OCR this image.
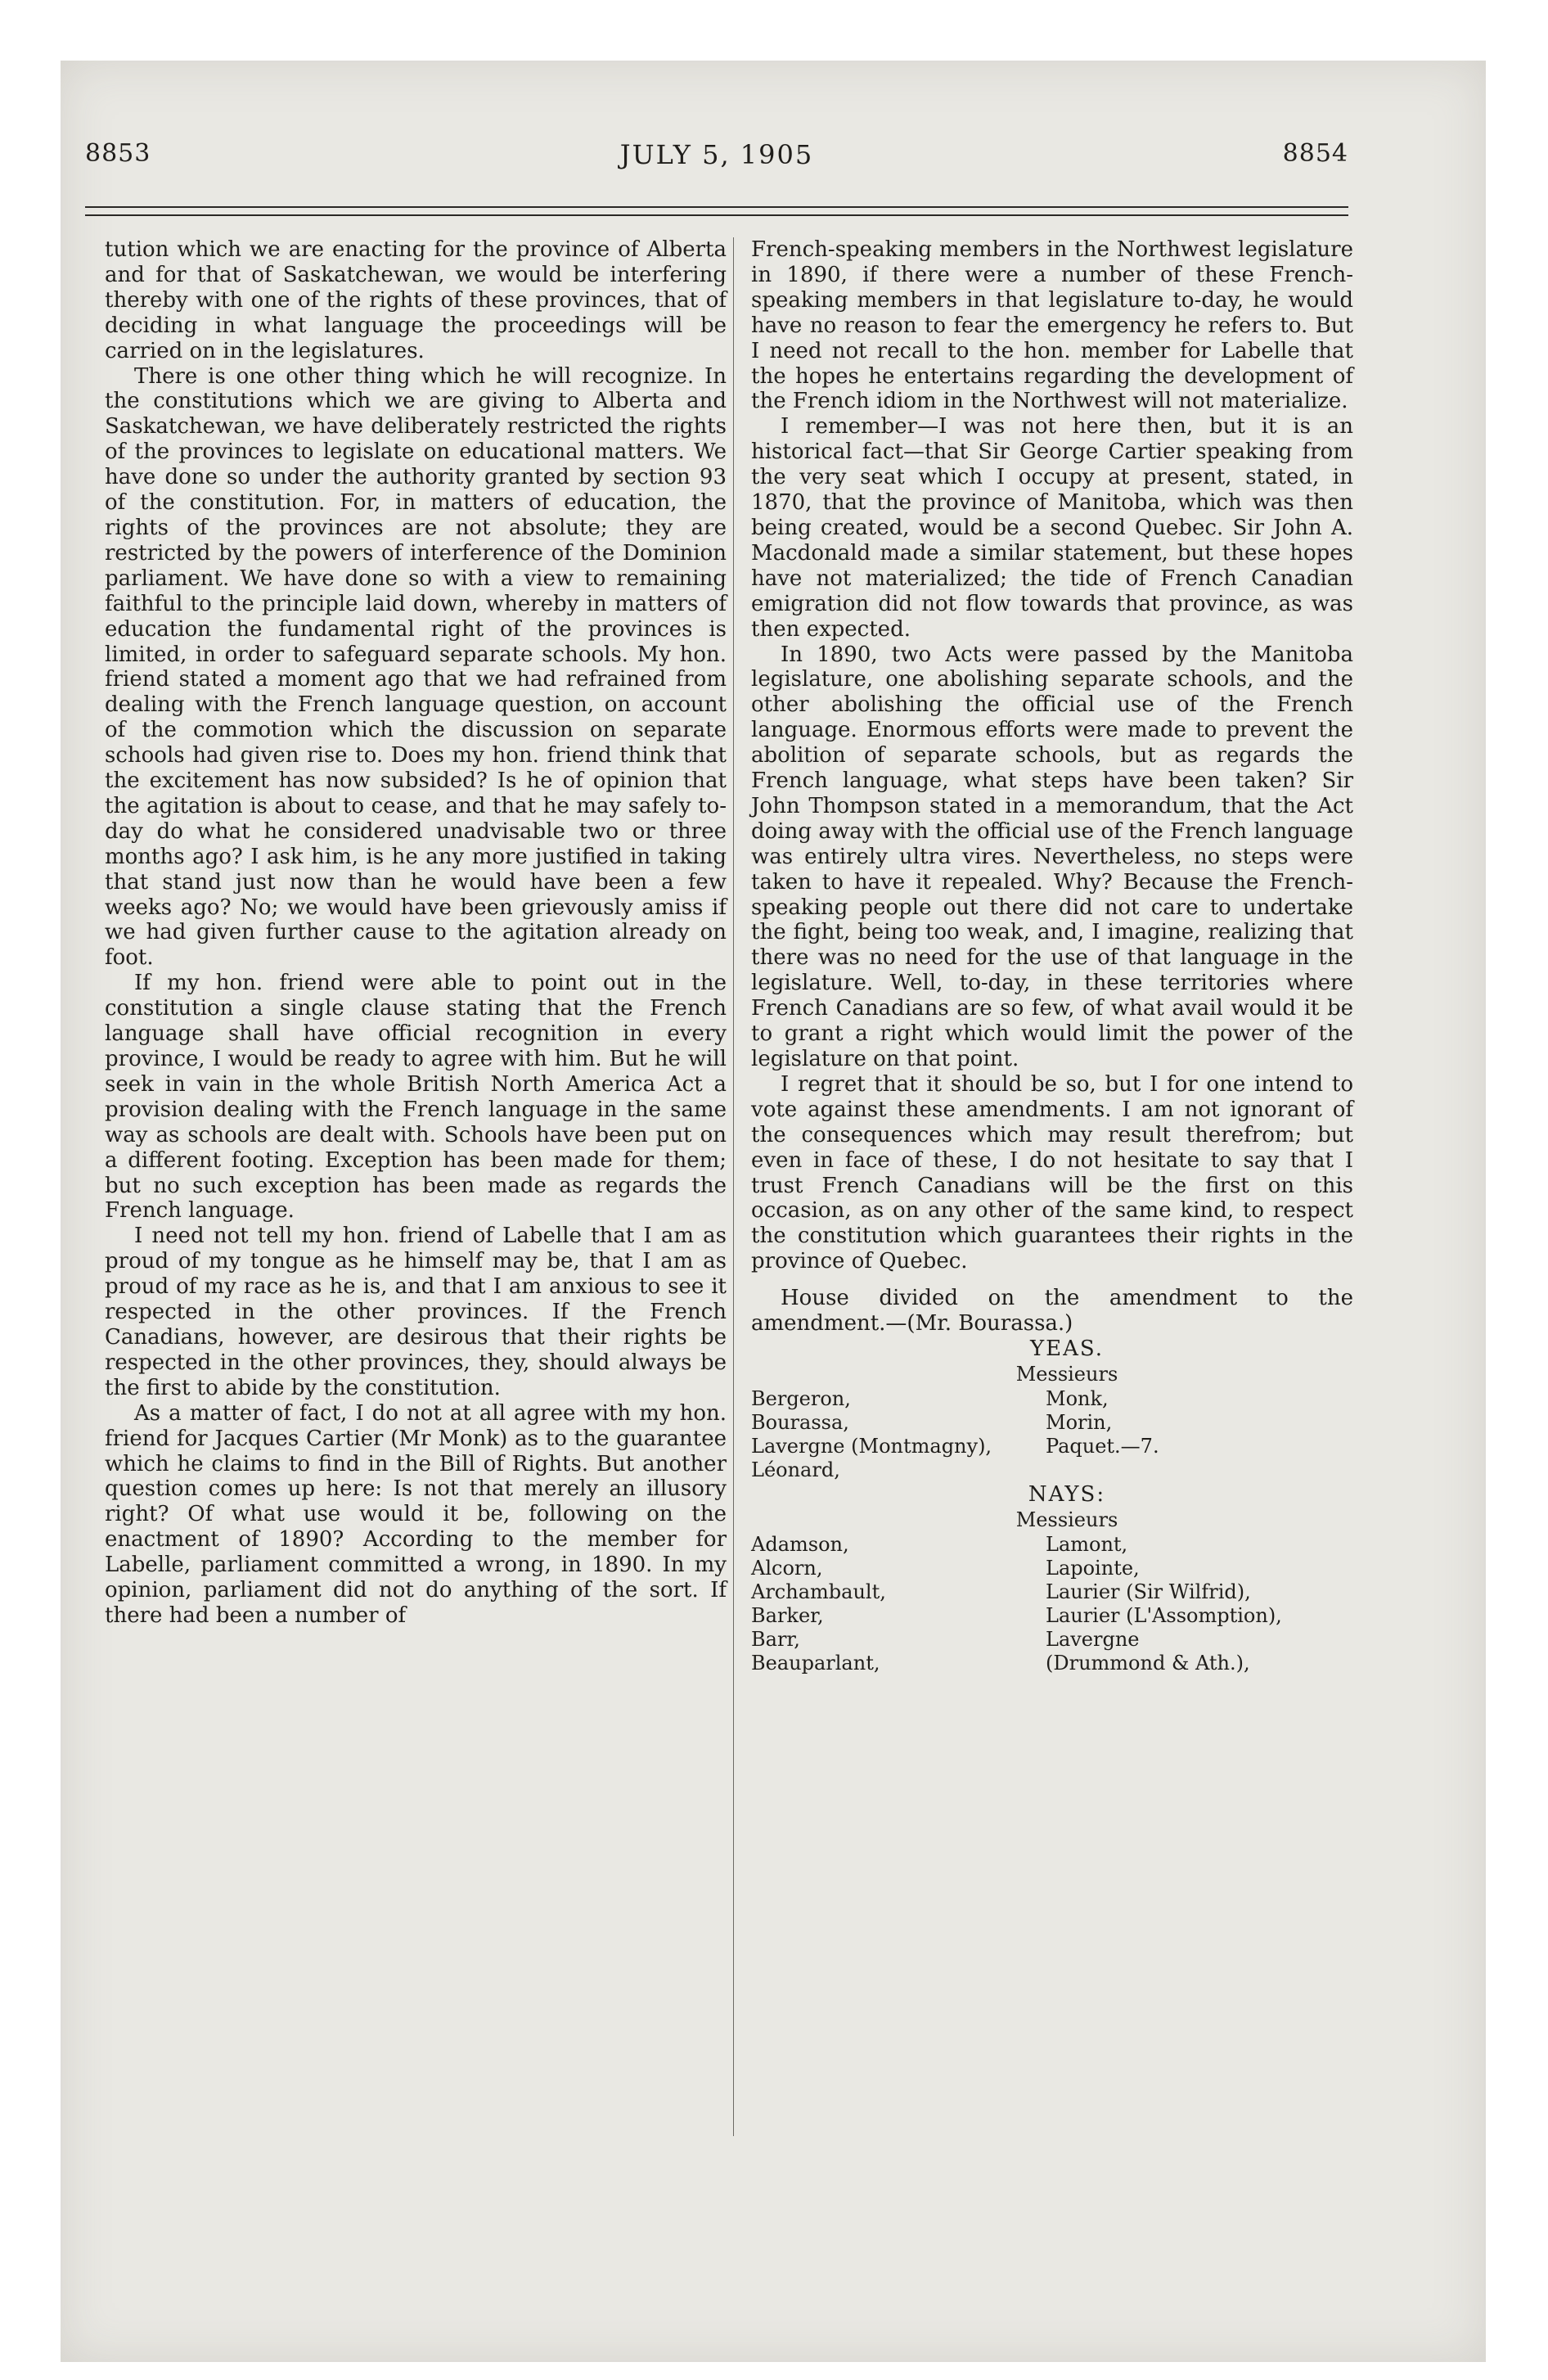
8853	JULY 5, 1905	8854

tution which we are enacting for the province of Alberta and for that of Saskatchewan, we would be interfering thereby with one of the rights of these provinces, that of deciding in what language the proceedings will be carried on in the legislatures.

There is one other thing which he will recognize. In the constitutions which we are giving to Alberta and Saskatchewan, we have deliberately restricted the rights of the provinces to legislate on educational matters. We have done so under the authority granted by section 93 of the constitution. For, in matters of education, the rights of the provinces are not absolute; they are restricted by the powers of interference of the Dominion parliament. We have done so with a view to remaining faithful to the principle laid down, whereby in matters of education the fundamental right of the provinces is limited, in order to safeguard separate schools. My hon. friend stated a moment ago that we had refrained from dealing with the French language question, on account of the commotion which the discussion on separate schools had given rise to. Does my hon. friend think that the excitement has now subsided? Is he of opinion that the agitation is about to cease, and that he may safely to-day do what he considered unadvisable two or three months ago? I ask him, is he any more justified in taking that stand just now than he would have been a few weeks ago? No; we would have been grievously amiss if we had given further cause to the agitation already on foot.

If my hon. friend were able to point out in the constitution a single clause stating that the French language shall have official recognition in every province, I would be ready to agree with him. But he will seek in vain in the whole British North America Act a provision dealing with the French language in the same way as schools are dealt with. Schools have been put on a different footing. Exception has been made for them; but no such exception has been made as regards the French language.

I need not tell my hon. friend of Labelle that I am as proud of my tongue as he himself may be, that I am as proud of my race as he is, and that I am anxious to see it respected in the other provinces. If the French Canadians, however, are desirous that their rights be respected in the other provinces, they, should always be the first to abide by the constitution.

As a matter of fact, I do not at all agree with my hon. friend for Jacques Cartier (Mr Monk) as to the guarantee which he claims to find in the Bill of Rights. But another question comes up here: Is not that merely an illusory right? Of what use would it be, following on the enactment of 1890? According to the member for Labelle, parliament committed a wrong, in 1890. In my opinion, parliament did not do anything of the sort. If there had been a number of

French-speaking members in the Northwest legislature in 1890, if there were a number of these French-speaking members in that legislature to-day, he would have no reason to fear the emergency he refers to. But I need not recall to the hon. member for Labelle that the hopes he entertains regarding the development of the French idiom in the Northwest will not materialize.

I remember—I was not here then, but it is an historical fact—that Sir George Cartier speaking from the very seat which I occupy at present, stated, in 1870, that the province of Manitoba, which was then being created, would be a second Quebec. Sir John A. Macdonald made a similar statement, but these hopes have not materialized; the tide of French Canadian emigration did not flow towards that province, as was then expected.

In 1890, two Acts were passed by the Manitoba legislature, one abolishing separate schools, and the other abolishing the official use of the French language. Enormous efforts were made to prevent the abolition of separate schools, but as regards the French language, what steps have been taken? Sir John Thompson stated in a memorandum, that the Act doing away with the official use of the French language was entirely ultra vires. Nevertheless, no steps were taken to have it repealed. Why? Because the French-speaking people out there did not care to undertake the fight, being too weak, and, I imagine, realizing that there was no need for the use of that language in the legislature. Well, to-day, in these territories where French Canadians are so few, of what avail would it be to grant a right which would limit the power of the legislature on that point.

I regret that it should be so, but I for one intend to vote against these amendments. I am not ignorant of the consequences which may result therefrom; but even in face of these, I do not hesitate to say that I trust French Canadians will be the first on this occasion, as on any other of the same kind, to respect the constitution which guarantees their rights in the province of Quebec.

House divided on the amendment to the amendment.—(Mr. Bourassa.)

YEAS.

Messieurs

Bergeron,	Monk,
Bourassa,	Morin,
Lavergne (Montmagny),	Paquet.—7.
Léonard,

NAYS:

Messieurs

Adamson,	Lamont,
Alcorn,	Lapointe,
Archambault,	Laurier (Sir Wilfrid),
Barker,	Laurier (L'Assomption),
Barr,	Lavergne
Beauparlant,	(Drummond & Ath.),
